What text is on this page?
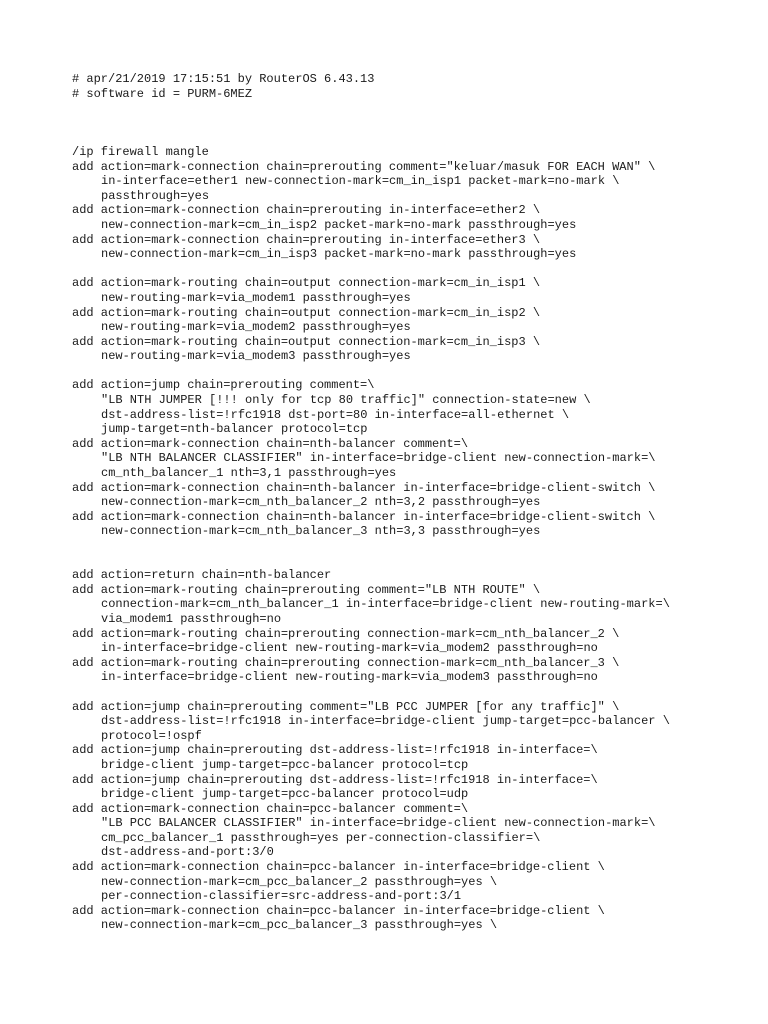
# apr/21/2019 17:15:51 by RouterOS 6.43.13
# software id = PURM-6MEZ
/ip firewall mangle
add action=mark-connection chain=prerouting comment="keluar/masuk FOR EACH WAN" \
in-interface=ether1 new-connection-mark=cm_in_isp1 packet-mark=no-mark \
passthrough=yes
add action=mark-connection chain=prerouting in-interface=ether2 \
new-connection-mark=cm_in_isp2 packet-mark=no-mark passthrough=yes
add action=mark-connection chain=prerouting in-interface=ether3 \
new-connection-mark=cm_in_isp3 packet-mark=no-mark passthrough=yes
add action=mark-routing chain=output connection-mark=cm_in_isp1 \
new-routing-mark=via_modem1 passthrough=yes
add action=mark-routing chain=output connection-mark=cm_in_isp2 \
new-routing-mark=via_modem2 passthrough=yes
add action=mark-routing chain=output connection-mark=cm_in_isp3 \
new-routing-mark=via_modem3 passthrough=yes
add action=jump chain=prerouting comment=\
"LB NTH JUMPER [!!! only for tcp 80 traffic]" connection-state=new \
dst-address-list=!rfc1918 dst-port=80 in-interface=all-ethernet \
jump-target=nth-balancer protocol=tcp
add action=mark-connection chain=nth-balancer comment=\
"LB NTH BALANCER CLASSIFIER" in-interface=bridge-client new-connection-mark=\
cm_nth_balancer_1 nth=3,1 passthrough=yes
add action=mark-connection chain=nth-balancer in-interface=bridge-client-switch \
new-connection-mark=cm_nth_balancer_2 nth=3,2 passthrough=yes
add action=mark-connection chain=nth-balancer in-interface=bridge-client-switch \
new-connection-mark=cm_nth_balancer_3 nth=3,3 passthrough=yes
add action=return chain=nth-balancer
add action=mark-routing chain=prerouting comment="LB NTH ROUTE" \
connection-mark=cm_nth_balancer_1 in-interface=bridge-client new-routing-mark=\
via_modem1 passthrough=no
add action=mark-routing chain=prerouting connection-mark=cm_nth_balancer_2 \
in-interface=bridge-client new-routing-mark=via_modem2 passthrough=no
add action=mark-routing chain=prerouting connection-mark=cm_nth_balancer_3 \
in-interface=bridge-client new-routing-mark=via_modem3 passthrough=no
add action=jump chain=prerouting comment="LB PCC JUMPER [for any traffic]" \
dst-address-list=!rfc1918 in-interface=bridge-client jump-target=pcc-balancer \
protocol=!ospf
add action=jump chain=prerouting dst-address-list=!rfc1918 in-interface=\
bridge-client jump-target=pcc-balancer protocol=tcp
add action=jump chain=prerouting dst-address-list=!rfc1918 in-interface=\
bridge-client jump-target=pcc-balancer protocol=udp
add action=mark-connection chain=pcc-balancer comment=\
"LB PCC BALANCER CLASSIFIER" in-interface=bridge-client new-connection-mark=\
cm_pcc_balancer_1 passthrough=yes per-connection-classifier=\
dst-address-and-port:3/0
add action=mark-connection chain=pcc-balancer in-interface=bridge-client \
new-connection-mark=cm_pcc_balancer_2 passthrough=yes \
per-connection-classifier=src-address-and-port:3/1
add action=mark-connection chain=pcc-balancer in-interface=bridge-client \
new-connection-mark=cm_pcc_balancer_3 passthrough=yes \
